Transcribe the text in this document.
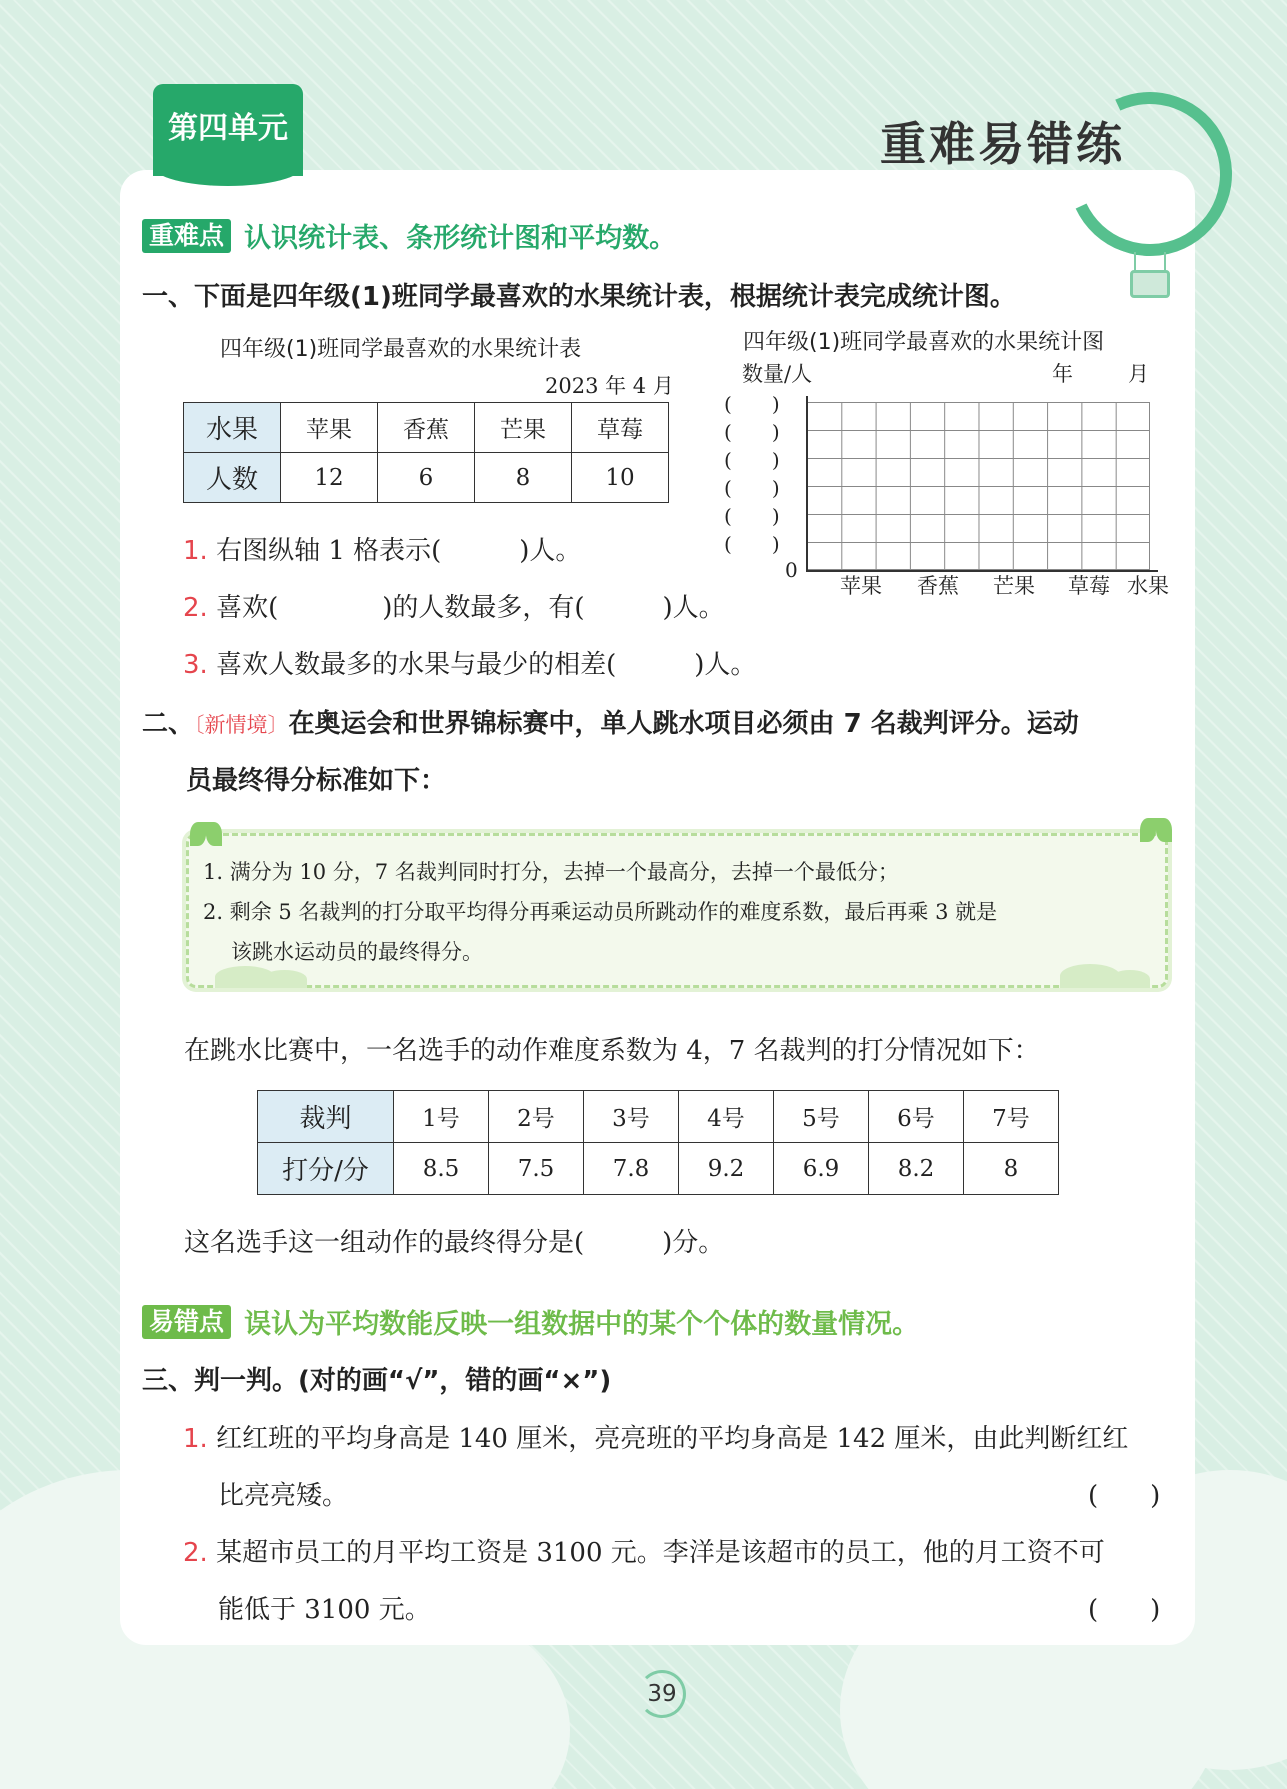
第四单元	重难易错练
重难点 认识统计表、条形统计图和平均数。
一、下面是四年级(1)班同学最喜欢的水果统计表，根据统计表完成统计图。
四年级(1)班同学最喜欢的水果统计表
2023 年 4 月
水果	苹果	香蕉	芒果	草莓
人数	12	6	8	10
四年级(1)班同学最喜欢的水果统计图
数量/人	年	月
( )
( )
( )
( )
( )
( )
0
苹果 香蕉 芒果 草莓 水果
1. 右图纵轴 1 格表示(　　　)人。
2. 喜欢(　　　　)的人数最多，有(　　　)人。
3. 喜欢人数最多的水果与最少的相差(　　　)人。
二、〔新情境〕在奥运会和世界锦标赛中，单人跳水项目必须由 7 名裁判评分。运动
员最终得分标准如下：
1. 满分为 10 分，7 名裁判同时打分，去掉一个最高分，去掉一个最低分；
2. 剩余 5 名裁判的打分取平均得分再乘运动员所跳动作的难度系数，最后再乘 3 就是
该跳水运动员的最终得分。
在跳水比赛中，一名选手的动作难度系数为 4，7 名裁判的打分情况如下：
裁判	1号	2号	3号	4号	5号	6号	7号
打分/分	8.5	7.5	7.8	9.2	6.9	8.2	8
这名选手这一组动作的最终得分是(　　　)分。
易错点 误认为平均数能反映一组数据中的某个个体的数量情况。
三、判一判。(对的画“√”，错的画“×”)
1. 红红班的平均身高是 140 厘米，亮亮班的平均身高是 142 厘米，由此判断红红
比亮亮矮。	(　　)
2. 某超市员工的月平均工资是 3100 元。李洋是该超市的员工，他的月工资不可
能低于 3100 元。	(　　)
39
